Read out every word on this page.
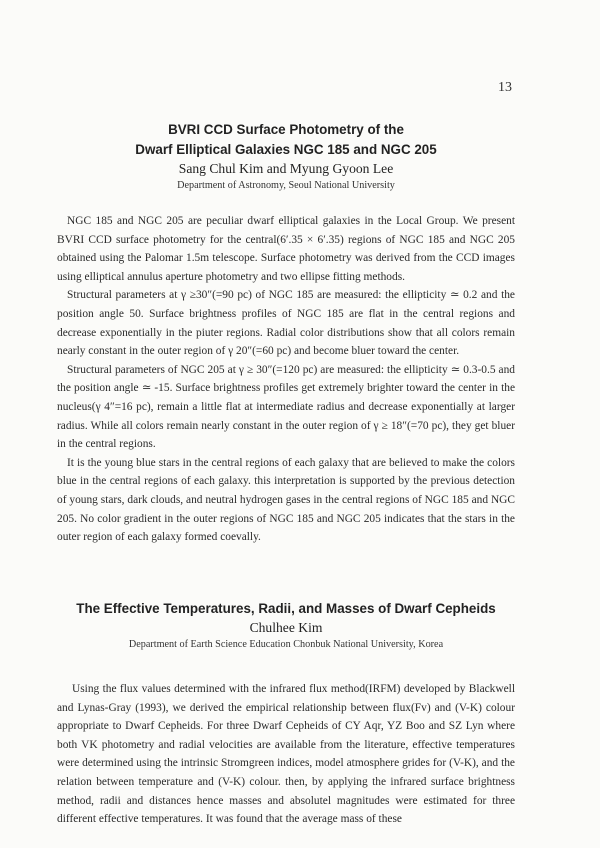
13
BVRI CCD Surface Photometry of the
Dwarf Elliptical Galaxies NGC 185 and NGC 205
Sang Chul Kim and Myung Gyoon Lee
Department of Astronomy, Seoul National University

NGC 185 and NGC 205 are peculiar dwarf elliptical galaxies in the Local Group. We present BVRI CCD surface photometry for the central(6′.35 × 6′.35) regions of NGC 185 and NGC 205 obtained using the Palomar 1.5m telescope. Surface photometry was derived from the CCD images using elliptical annulus aperture photometry and two ellipse fitting methods.

Structural parameters at γ ≥30″(=90 pc) of NGC 185 are measured: the ellipticity ≃ 0.2 and the position angle 50. Surface brightness profiles of NGC 185 are flat in the central regions and decrease exponentially in the piuter regions. Radial color distributions show that all colors remain nearly constant in the outer region of γ 20″(=60 pc) and become bluer toward the center.

Structural parameters of NGC 205 at γ ≥ 30″(=120 pc) are measured: the ellipticity ≃ 0.3-0.5 and the position angle ≃ -15. Surface brightness profiles get extremely brighter toward the center in the nucleus(γ 4″=16 pc), remain a little flat at intermediate radius and decrease exponentially at larger radius. While all colors remain nearly constant in the outer region of γ ≥ 18″(=70 pc), they get bluer in the central regions.

It is the young blue stars in the central regions of each galaxy that are believed to make the colors blue in the central regions of each galaxy. this interpretation is supported by the previous detection of young stars, dark clouds, and neutral hydrogen gases in the central regions of NGC 185 and NGC 205. No color gradient in the outer regions of NGC 185 and NGC 205 indicates that the stars in the outer region of each galaxy formed coevally.

The Effective Temperatures, Radii, and Masses of Dwarf Cepheids
Chulhee Kim
Department of Earth Science Education Chonbuk National University, Korea

Using the flux values determined with the infrared flux method(IRFM) developed by Blackwell and Lynas-Gray (1993), we derived the empirical relationship between flux(Fv) and (V-K) colour appropriate to Dwarf Cepheids. For three Dwarf Cepheids of CY Aqr, YZ Boo and SZ Lyn where both VK photometry and radial velocities are available from the literature, effective temperatures were determined using the intrinsic Stromgreen indices, model atmosphere grides for (V-K), and the relation between temperature and (V-K) colour. then, by applying the infrared surface brightness method, radii and distances hence masses and absolutel magnitudes were estimated for three different effective temperatures. It was found that the average mass of these
